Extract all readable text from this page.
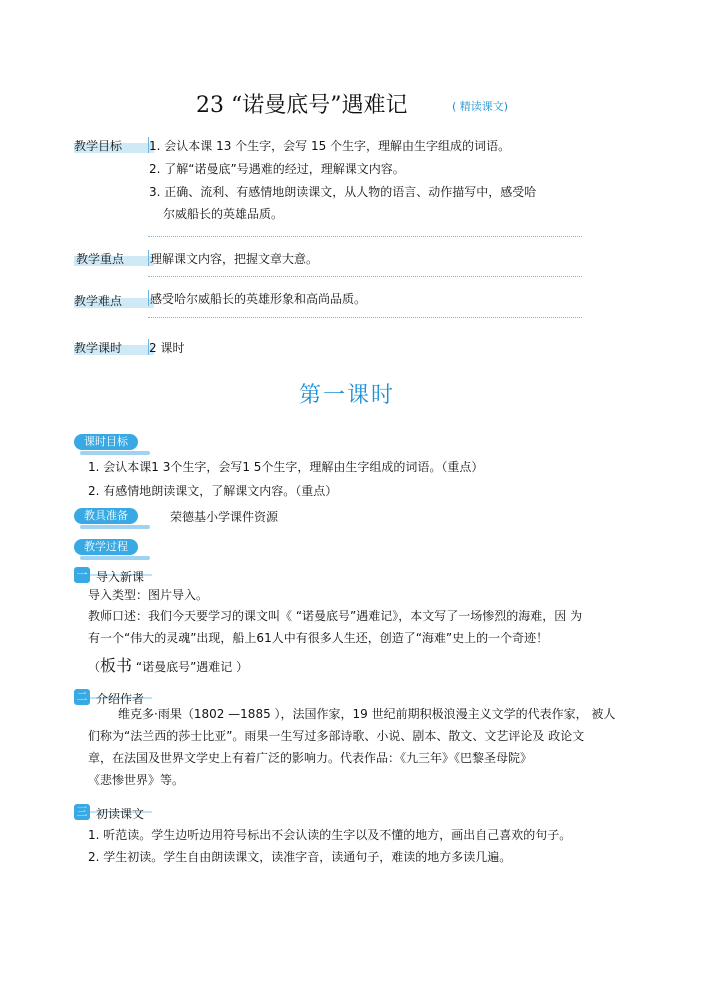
23 “诺曼底号”遇难记	( 精读课文)
教学目标 1. 会认本课 13 个生字，会写 15 个生字，理解由生字组成的词语。
2. 了解“诺曼底”号遇难的经过，理解课文内容。
3. 正确、流利、有感情地朗读课文，从人物的语言、动作描写中，感受哈
尔威船长的英雄品质。
教学重点 理解课文内容，把握文章大意。
教学难点 感受哈尔威船长的英雄形象和高尚品质。
教学课时 2 课时
第一课时
课时目标
1. 会认本课1 3个生字，会写1 5个生字，理解由生字组成的词语。（重点）
2. 有感情地朗读课文，了解课文内容。（重点）
教具准备	荣德基小学课件资源
教学过程
一 导入新课
导入类型：图片导入。
教师口述：我们今天要学习的课文叫《 “诺曼底号”遇难记》，本文写了一场惨烈的海难，因 为
有一个“伟大的灵魂”出现，船上61人中有很多人生还，创造了“海难”史上的一个奇迹！
（板书 “诺曼底号”遇难记 ）
二 介绍作者
维克多·雨果（1802 —1885 ），法国作家，19 世纪前期积极浪漫主义文学的代表作家， 被人
们称为“法兰西的莎士比亚”。雨果一生写过多部诗歌、小说、剧本、散文、文艺评论及 政论文
章，在法国及世界文学史上有着广泛的影响力。代表作品：《九三年》《巴黎圣母院》
《悲惨世界》等。
三 初读课文
1. 听范读。学生边听边用符号标出不会认读的生字以及不懂的地方，画出自己喜欢的句子。
2. 学生初读。学生自由朗读课文，读准字音，读通句子，难读的地方多读几遍。
